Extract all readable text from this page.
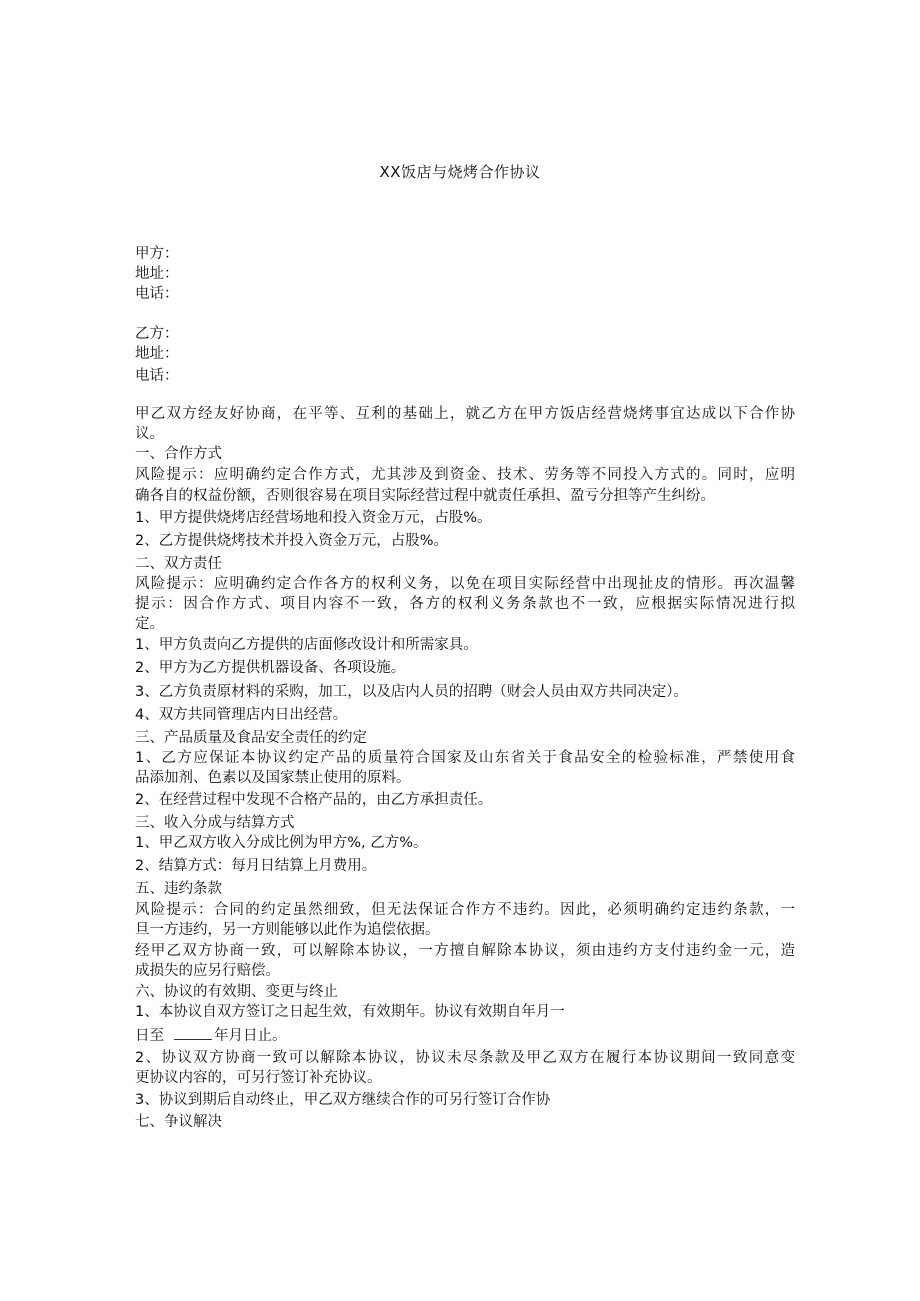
XX饭店与烧烤合作协议
甲方：
地址：
电话：
乙方：
地址：
电话：
甲乙双方经友好协商，在平等、互利的基础上，就乙方在甲方饭店经营烧烤事宜达成以下合作协
议。
一、合作方式
风险提示：应明确约定合作方式，尤其涉及到资金、技术、劳务等不同投入方式的。同时，应明
确各自的权益份额，否则很容易在项目实际经营过程中就责任承担、盈亏分担等产生纠纷。
1、甲方提供烧烤店经营场地和投入资金万元，占股%。
2、乙方提供烧烤技术并投入资金万元，占股%。
二、双方责任
风险提示：应明确约定合作各方的权利义务，以免在项目实际经营中出现扯皮的情形。再次温馨
提示：因合作方式、项目内容不一致，各方的权利义务条款也不一致，应根据实际情况进行拟
定。
1、甲方负责向乙方提供的店面修改设计和所需家具。
2、甲方为乙方提供机器设备、各项设施。
3、乙方负责原材料的采购，加工，以及店内人员的招聘（财会人员由双方共同决定）。
4、双方共同管理店内日出经营。
三、产品质量及食品安全责任的约定
1、乙方应保证本协议约定产品的质量符合国家及山东省关于食品安全的检验标准，严禁使用食
品添加剂、色素以及国家禁止使用的原料。
2、在经营过程中发现不合格产品的，由乙方承担责任。
三、收入分成与结算方式
1、甲乙双方收入分成比例为甲方%, 乙方%。
2、结算方式：每月日结算上月费用。
五、违约条款
风险提示：合同的约定虽然细致，但无法保证合作方不违约。因此，必须明确约定违约条款，一
旦一方违约，另一方则能够以此作为追偿依据。
经甲乙双方协商一致，可以解除本协议，一方擅自解除本协议，须由违约方支付违约金一元，造
成损失的应另行赔偿。
六、协议的有效期、变更与终止
1、本协议自双方签订之日起生效，有效期年。协议有效期自年月一
日至	年月日止。
2、协议双方协商一致可以解除本协议，协议未尽条款及甲乙双方在履行本协议期间一致同意变
更协议内容的，可另行签订补充协议。
3、协议到期后自动终止，甲乙双方继续合作的可另行签订合作协
七、争议解决
